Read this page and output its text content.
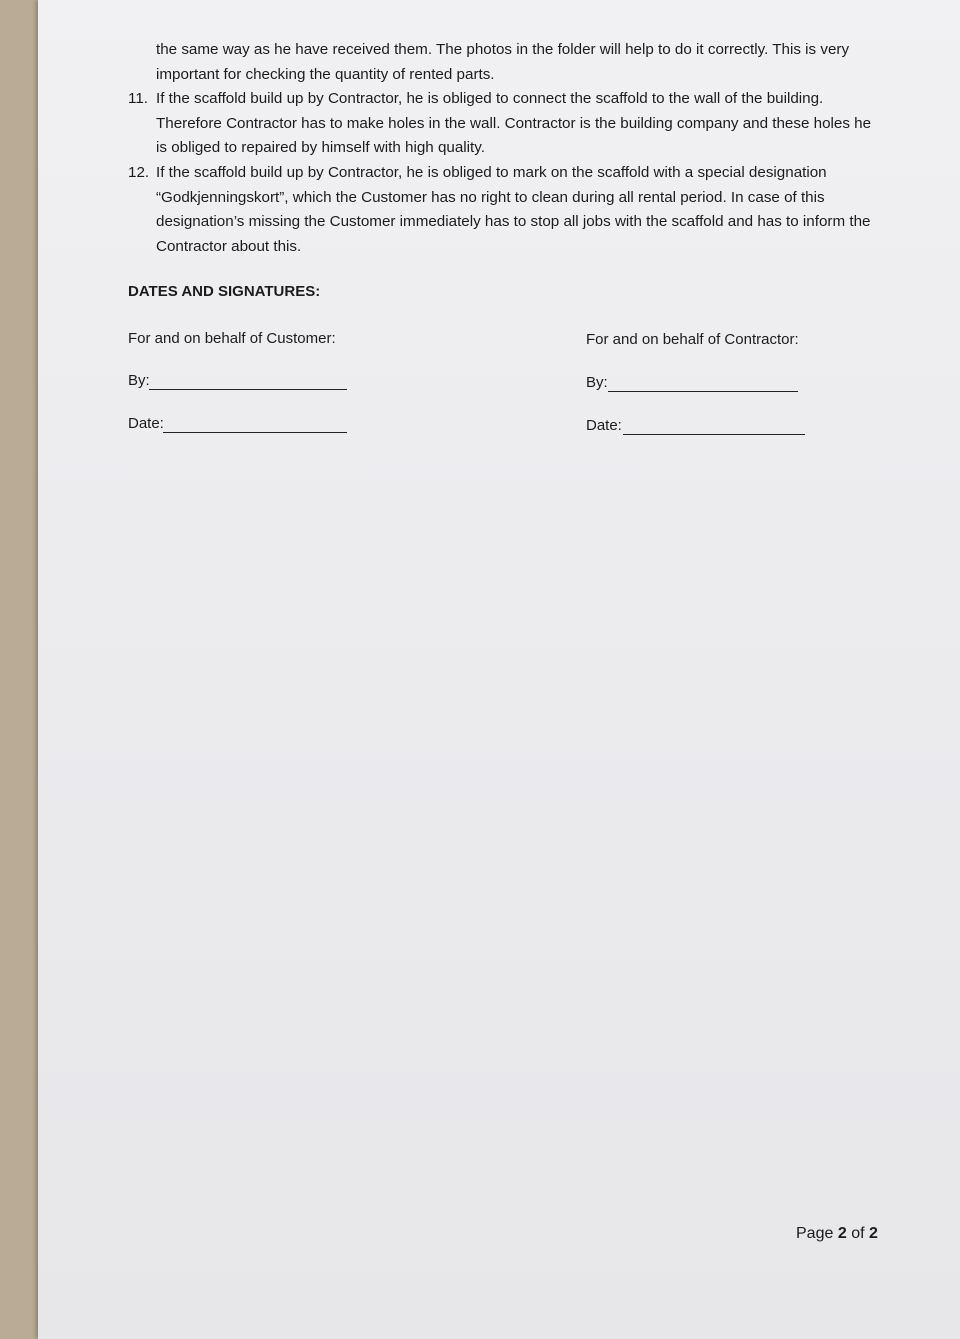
the same way as he have received them. The photos in the folder will help to do it correctly. This is very important for checking the quantity of rented parts.
11. If the scaffold build up by Contractor, he is obliged to connect the scaffold to the wall of the building. Therefore Contractor has to make holes in the wall. Contractor is the building company and these holes he is obliged to repaired by himself with high quality.
12. If the scaffold build up by Contractor, he is obliged to mark on the scaffold with a special designation “Godkjenningskort”, which the Customer has no right to clean during all rental period. In case of this designation’s missing the Customer immediately has to stop all jobs with the scaffold and has to inform the Contractor about this.
DATES AND SIGNATURES:
For and on behalf of Customer:
By:
Date:
For and on behalf of Contractor:
By:
Date:
Page 2 of 2
